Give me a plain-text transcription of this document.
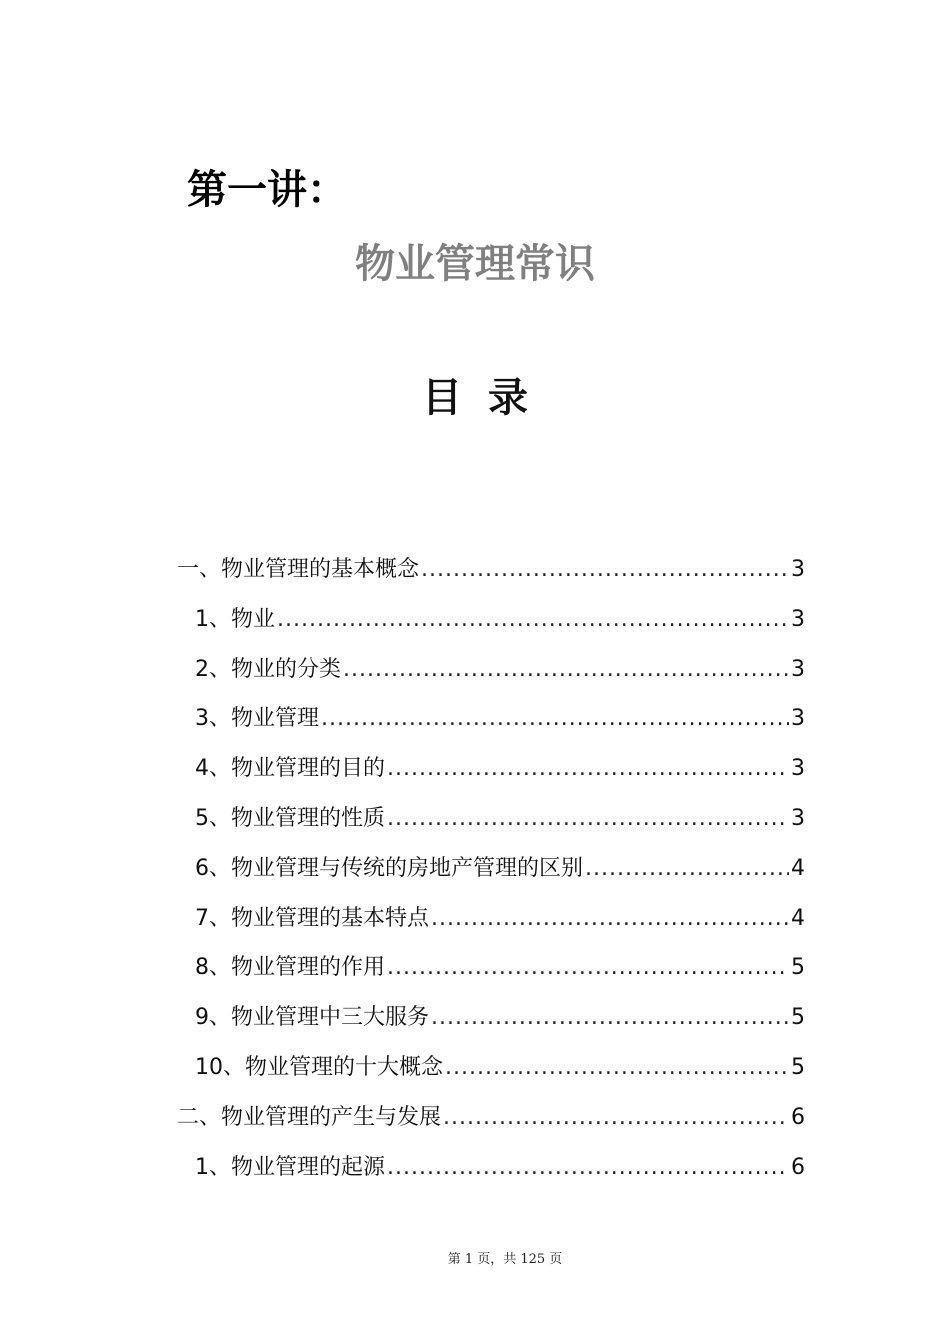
第一讲：
物业管理常识
目录
一、物业管理的基本概念 .....	3
1、物业 .....	3
2、物业的分类 .....	3
3、物业管理 .....	3
4、物业管理的目的 .....	3
5、物业管理的性质 .....	3
6、物业管理与传统的房地产管理的区别 .....	4
7、物业管理的基本特点 .....	4
8、物业管理的作用 .....	5
9、物业管理中三大服务 .....	5
10、物业管理的十大概念 .....	5
二、物业管理的产生与发展 .....	6
1、物业管理的起源 .....	6
第 1 页，共 125 页
